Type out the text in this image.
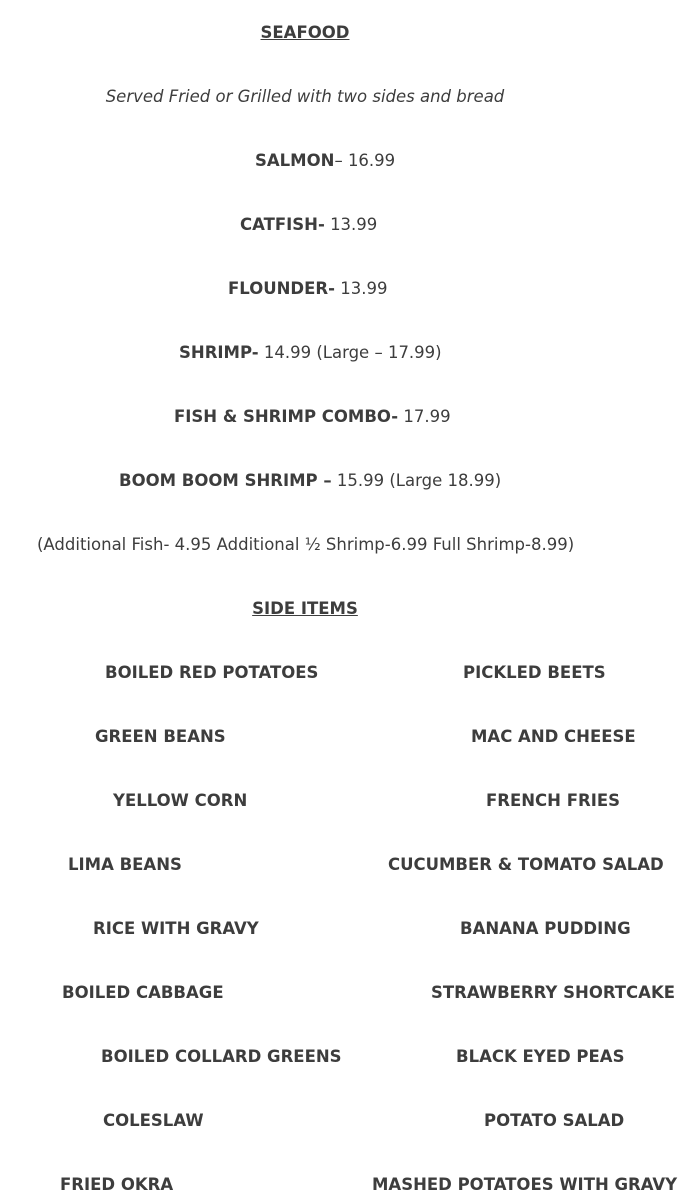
SEAFOOD
Served Fried or Grilled with two sides and bread
SALMON– 16.99
CATFISH- 13.99
FLOUNDER- 13.99
SHRIMP- 14.99 (Large – 17.99)
FISH & SHRIMP COMBO- 17.99
BOOM BOOM SHRIMP – 15.99 (Large 18.99)
(Additional Fish- 4.95 Additional ½ Shrimp-6.99 Full Shrimp-8.99)
SIDE ITEMS
BOILED RED POTATOES
GREEN BEANS
YELLOW CORN
LIMA BEANS
RICE WITH GRAVY
BOILED CABBAGE
BOILED COLLARD GREENS
COLESLAW
FRIED OKRA
PICKLED BEETS
MAC AND CHEESE
FRENCH FRIES
CUCUMBER & TOMATO SALAD
BANANA PUDDING
STRAWBERRY SHORTCAKE
BLACK EYED PEAS
POTATO SALAD
MASHED POTATOES WITH GRAVY
